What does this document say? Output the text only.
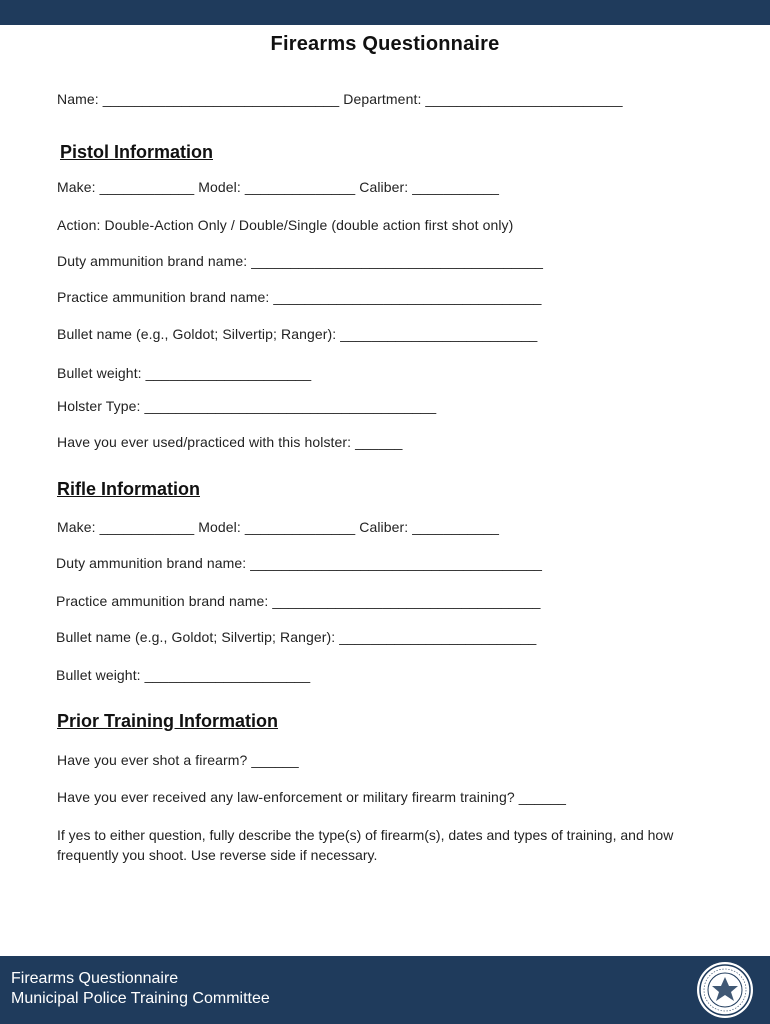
Firearms Questionnaire
Name: ______________________________ Department: _________________________
Pistol Information
Make: ____________ Model: ______________ Caliber: ___________
Action: Double-Action Only / Double/Single (double action first shot only)
Duty ammunition brand name: _____________________________________
Practice ammunition brand name: __________________________________
Bullet name (e.g., Goldot; Silvertip; Ranger): _________________________
Bullet weight: _____________________
Holster Type: _____________________________________
Have you ever used/practiced with this holster: ______
Rifle Information
Make: ____________ Model: ______________ Caliber: ___________
Duty ammunition brand name: _____________________________________
Practice ammunition brand name: __________________________________
Bullet name (e.g., Goldot; Silvertip; Ranger): _________________________
Bullet weight: _____________________
Prior Training Information
Have you ever shot a firearm? ______
Have you ever received any law-enforcement or military firearm training? ______
If yes to either question, fully describe the type(s) of firearm(s), dates and types of training, and how frequently you shoot. Use reverse side if necessary.
Firearms Questionnaire
Municipal Police Training Committee
